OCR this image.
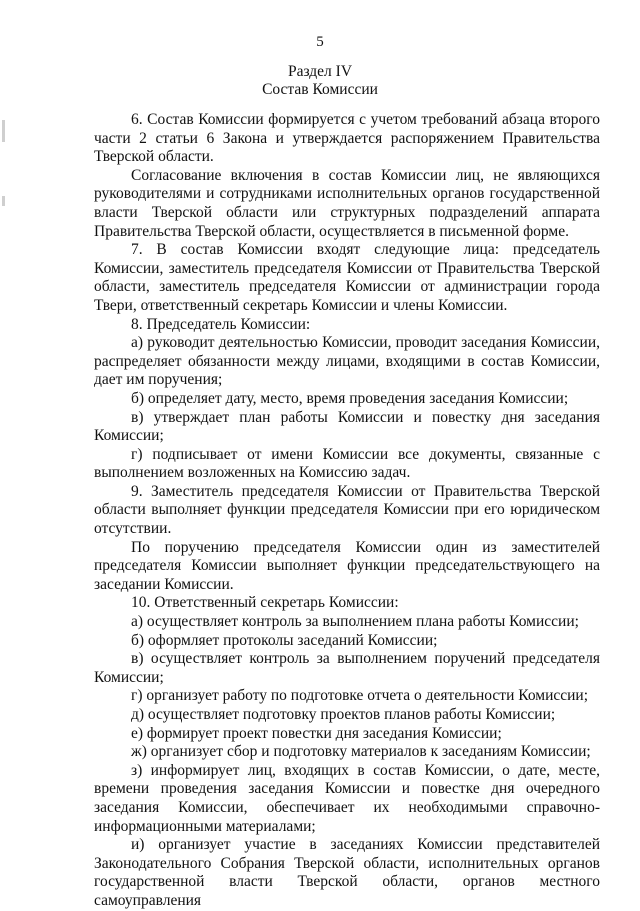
5
Раздел IV
Состав Комиссии

6. Состав Комиссии формируется с учетом требований абзаца второго части 2 статьи 6 Закона и утверждается распоряжением Правительства Тверской области.

Согласование включения в состав Комиссии лиц, не являющихся руководителями и сотрудниками исполнительных органов государственной власти Тверской области или структурных подразделений аппарата Правительства Тверской области, осуществляется в письменной форме.

7. В состав Комиссии входят следующие лица: председатель Комиссии, заместитель председателя Комиссии от Правительства Тверской области, заместитель председателя Комиссии от администрации города Твери, ответственный секретарь Комиссии и члены Комиссии.

8. Председатель Комиссии:

а) руководит деятельностью Комиссии, проводит заседания Комиссии, распределяет обязанности между лицами, входящими в состав Комиссии, дает им поручения;

б) определяет дату, место, время проведения заседания Комиссии;

в) утверждает план работы Комиссии и повестку дня заседания Комиссии;

г) подписывает от имени Комиссии все документы, связанные с выполнением возложенных на Комиссию задач.

9. Заместитель председателя Комиссии от Правительства Тверской области выполняет функции председателя Комиссии при его юридическом отсутствии.

По поручению председателя Комиссии один из заместителей председателя Комиссии выполняет функции председательствующего на заседании Комиссии.

10. Ответственный секретарь Комиссии:

а) осуществляет контроль за выполнением плана работы Комиссии;

б) оформляет протоколы заседаний Комиссии;

в) осуществляет контроль за выполнением поручений председателя Комиссии;

г) организует работу по подготовке отчета о деятельности Комиссии;

д) осуществляет подготовку проектов планов работы Комиссии;

е) формирует проект повестки дня заседания Комиссии;

ж) организует сбор и подготовку материалов к заседаниям Комиссии;

з) информирует лиц, входящих в состав Комиссии, о дате, месте, времени проведения заседания Комиссии и повестке дня очередного заседания Комиссии, обеспечивает их необходимыми справочно-информационными материалами;

и) организует участие в заседаниях Комиссии представителей Законодательного Собрания Тверской области, исполнительных органов государственной власти Тверской области, органов местного самоуправления
